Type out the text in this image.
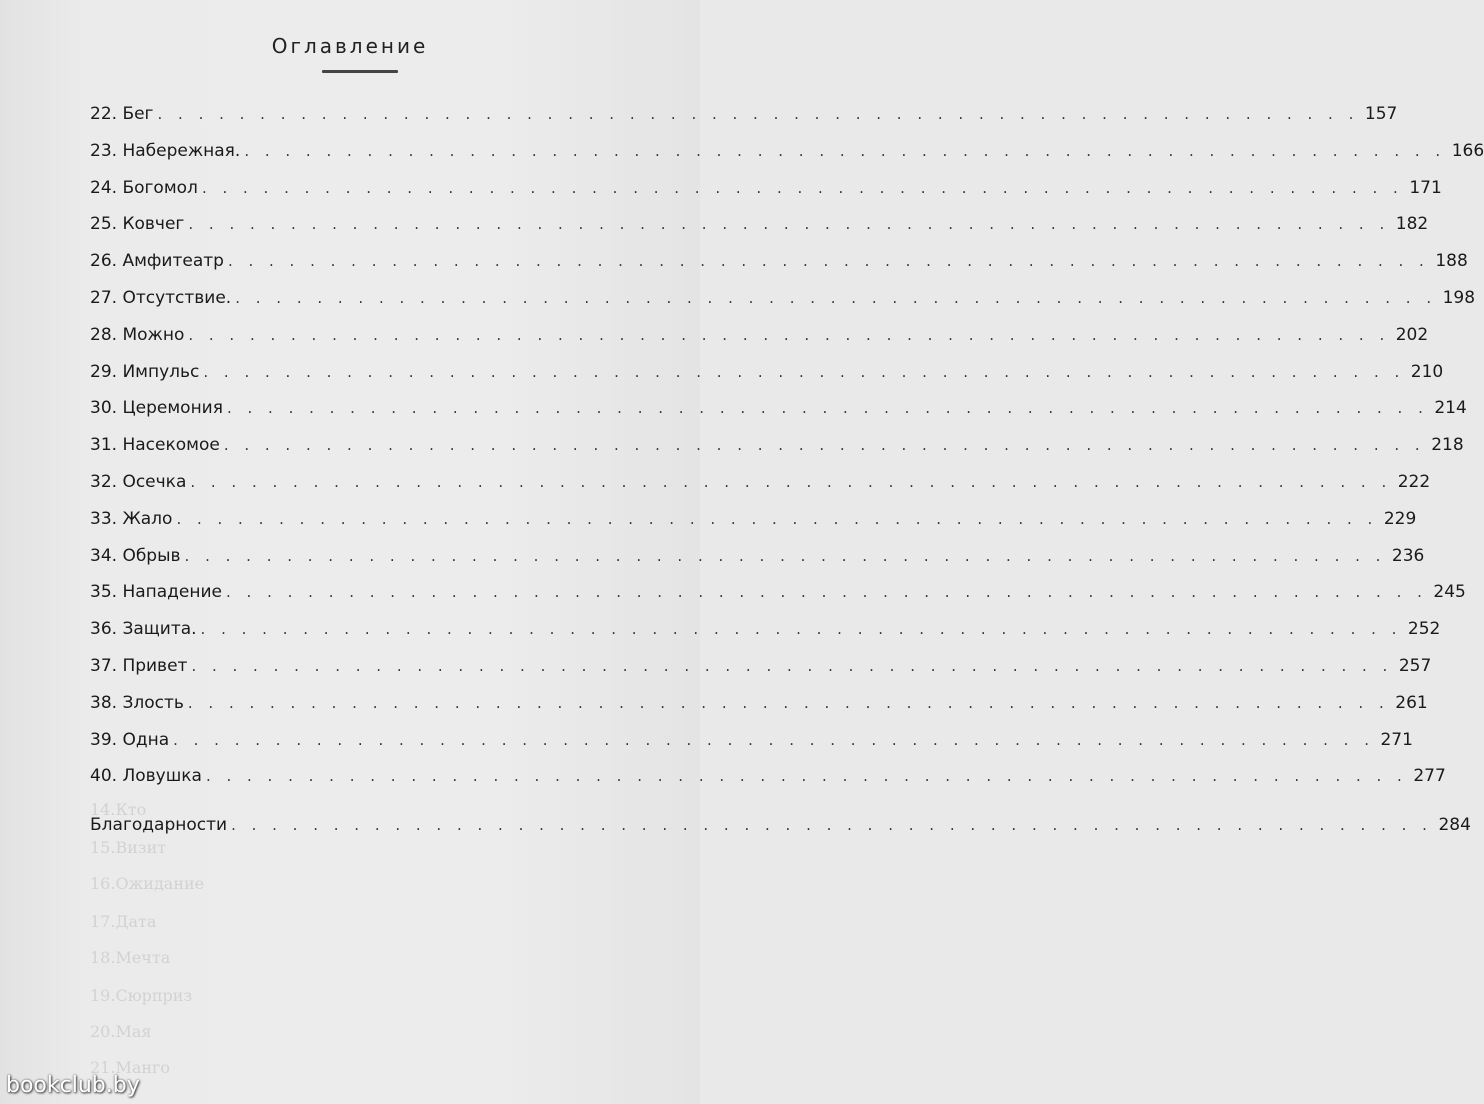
14.Кто
15.Визит
16.Ожидание
17.Дата
18.Мечта
19.Сюрприз
20.Мая
21.Манго
Оглавление
22. Бег . . . . . . . . . . . . . . . . . . . . . . . . . . . . . . . . . . . . . . . . . . . . . . . . . . . . . . . . . . . 157
23. Набережная. . . . . . . . . . . . . . . . . . . . . . . . . . . . . . . . . . . . . . . . . . . . . . . . . . . . . . . . . . . . 166
24. Богомол . . . . . . . . . . . . . . . . . . . . . . . . . . . . . . . . . . . . . . . . . . . . . . . . . . . . . . . . . . . 171
25. Ковчег . . . . . . . . . . . . . . . . . . . . . . . . . . . . . . . . . . . . . . . . . . . . . . . . . . . . . . . . . . . 182
26. Амфитеатр . . . . . . . . . . . . . . . . . . . . . . . . . . . . . . . . . . . . . . . . . . . . . . . . . . . . . . . . . . . 188
27. Отсутствие. . . . . . . . . . . . . . . . . . . . . . . . . . . . . . . . . . . . . . . . . . . . . . . . . . . . . . . . . . . . 198
28. Можно . . . . . . . . . . . . . . . . . . . . . . . . . . . . . . . . . . . . . . . . . . . . . . . . . . . . . . . . . . . 202
29. Импульс . . . . . . . . . . . . . . . . . . . . . . . . . . . . . . . . . . . . . . . . . . . . . . . . . . . . . . . . . . . 210
30. Церемония . . . . . . . . . . . . . . . . . . . . . . . . . . . . . . . . . . . . . . . . . . . . . . . . . . . . . . . . . . . 214
31. Насекомое . . . . . . . . . . . . . . . . . . . . . . . . . . . . . . . . . . . . . . . . . . . . . . . . . . . . . . . . . . . 218
32. Осечка . . . . . . . . . . . . . . . . . . . . . . . . . . . . . . . . . . . . . . . . . . . . . . . . . . . . . . . . . . . 222
33. Жало . . . . . . . . . . . . . . . . . . . . . . . . . . . . . . . . . . . . . . . . . . . . . . . . . . . . . . . . . . . 229
34. Обрыв . . . . . . . . . . . . . . . . . . . . . . . . . . . . . . . . . . . . . . . . . . . . . . . . . . . . . . . . . . . 236
35. Нападение . . . . . . . . . . . . . . . . . . . . . . . . . . . . . . . . . . . . . . . . . . . . . . . . . . . . . . . . . . . 245
36. Защита. . . . . . . . . . . . . . . . . . . . . . . . . . . . . . . . . . . . . . . . . . . . . . . . . . . . . . . . . . . . 252
37. Привет . . . . . . . . . . . . . . . . . . . . . . . . . . . . . . . . . . . . . . . . . . . . . . . . . . . . . . . . . . . 257
38. Злость . . . . . . . . . . . . . . . . . . . . . . . . . . . . . . . . . . . . . . . . . . . . . . . . . . . . . . . . . . . 261
39. Одна . . . . . . . . . . . . . . . . . . . . . . . . . . . . . . . . . . . . . . . . . . . . . . . . . . . . . . . . . . . 271
40. Ловушка . . . . . . . . . . . . . . . . . . . . . . . . . . . . . . . . . . . . . . . . . . . . . . . . . . . . . . . . . . . 277
Благодарности . . . . . . . . . . . . . . . . . . . . . . . . . . . . . . . . . . . . . . . . . . . . . . . . . . . . . . . . . . . 284
bookclub.by
